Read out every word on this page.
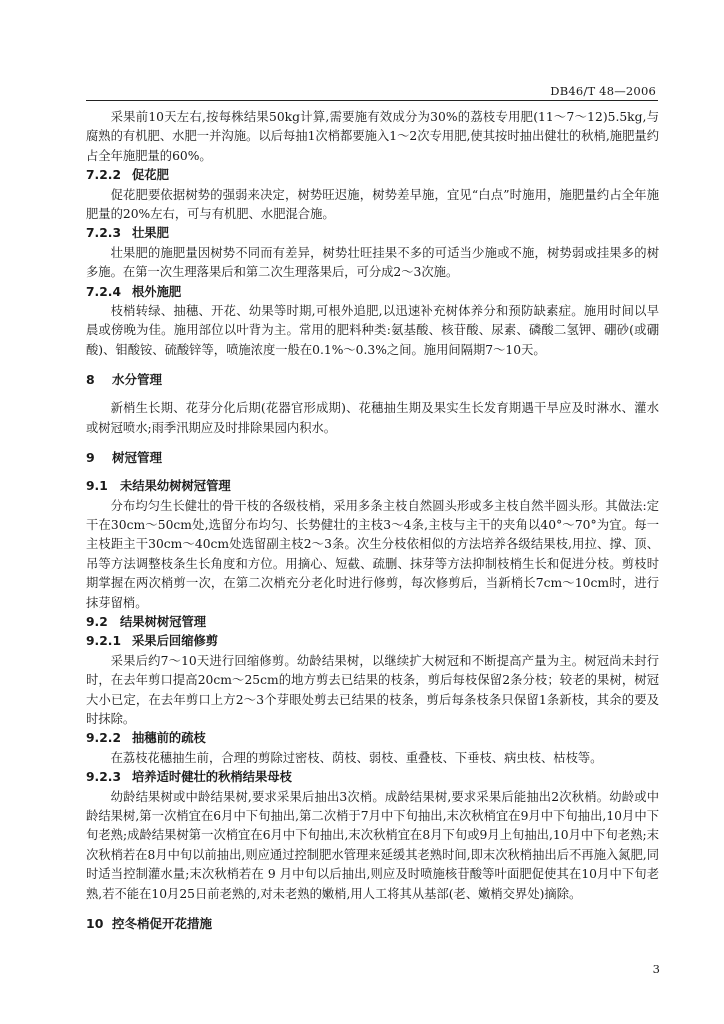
DB46/T 48—2006

采果前10天左右,按每株结果50kg计算,需要施有效成分为30%的荔枝专用肥(11～7～12)5.5kg,与腐熟的有机肥、水肥一并沟施。以后每抽1次梢都要施入1～2次专用肥,使其按时抽出健壮的秋梢,施肥量约占全年施肥量的60%。

7.2.2 促花肥

促花肥要依据树势的强弱来决定，树势旺迟施，树势差早施，宜见“白点”时施用，施肥量约占全年施肥量的20%左右，可与有机肥、水肥混合施。

7.2.3 壮果肥

壮果肥的施肥量因树势不同而有差异，树势壮旺挂果不多的可适当少施或不施，树势弱或挂果多的树多施。在第一次生理落果后和第二次生理落果后，可分成2～3次施。

7.2.4 根外施肥

枝梢转绿、抽穗、开花、幼果等时期,可根外追肥,以迅速补充树体养分和预防缺素症。施用时间以早晨或傍晚为佳。施用部位以叶背为主。常用的肥料种类:氨基酸、核苷酸、尿素、磷酸二氢钾、硼砂(或硼酸)、钼酸铵、硫酸锌等，喷施浓度一般在0.1%～0.3%之间。施用间隔期7～10天。

8 水分管理

新梢生长期、花芽分化后期(花器官形成期)、花穗抽生期及果实生长发育期遇干旱应及时淋水、灌水或树冠喷水;雨季汛期应及时排除果园内积水。

9 树冠管理
9.1 未结果幼树树冠管理

分布均匀生长健壮的骨干枝的各级枝梢，采用多条主枝自然圆头形或多主枝自然半圆头形。其做法:定干在30cm～50cm处,选留分布均匀、长势健壮的主枝3～4条,主枝与主干的夹角以40°～70°为宜。每一主枝距主干30cm～40cm处选留副主枝2～3条。次生分枝依相似的方法培养各级结果枝,用拉、撑、顶、吊等方法调整枝条生长角度和方位。用摘心、短截、疏删、抹芽等方法抑制枝梢生长和促进分枝。剪枝时期掌握在两次梢剪一次，在第二次梢充分老化时进行修剪，每次修剪后，当新梢长7cm～10cm时，进行抹芽留梢。

9.2 结果树树冠管理
9.2.1 采果后回缩修剪

采果后约7～10天进行回缩修剪。幼龄结果树，以继续扩大树冠和不断提高产量为主。树冠尚未封行时，在去年剪口提高20cm～25cm的地方剪去已结果的枝条，剪后每枝保留2条分枝；较老的果树，树冠大小已定，在去年剪口上方2～3个芽眼处剪去已结果的枝条，剪后每条枝条只保留1条新枝，其余的要及时抹除。

9.2.2 抽穗前的疏枝

在荔枝花穗抽生前，合理的剪除过密枝、荫枝、弱枝、重叠枝、下垂枝、病虫枝、枯枝等。

9.2.3 培养适时健壮的秋梢结果母枝

幼龄结果树或中龄结果树,要求采果后抽出3次梢。成龄结果树,要求采果后能抽出2次秋梢。幼龄或中龄结果树,第一次梢宜在6月中下旬抽出,第二次梢于7月中下旬抽出,末次秋梢宜在9月中下旬抽出,10月中下旬老熟;成龄结果树第一次梢宜在6月中下旬抽出,末次秋梢宜在8月下旬或9月上旬抽出,10月中下旬老熟;末次秋梢若在8月中旬以前抽出,则应通过控制肥水管理来延缓其老熟时间,即末次秋梢抽出后不再施入氮肥,同时适当控制灌水量;末次秋梢若在 9 月中旬以后抽出,则应及时喷施核苷酸等叶面肥促使其在10月中下旬老熟,若不能在10月25日前老熟的,对未老熟的嫩梢,用人工将其从基部(老、嫩梢交界处)摘除。

10 控冬梢促开花措施
3
